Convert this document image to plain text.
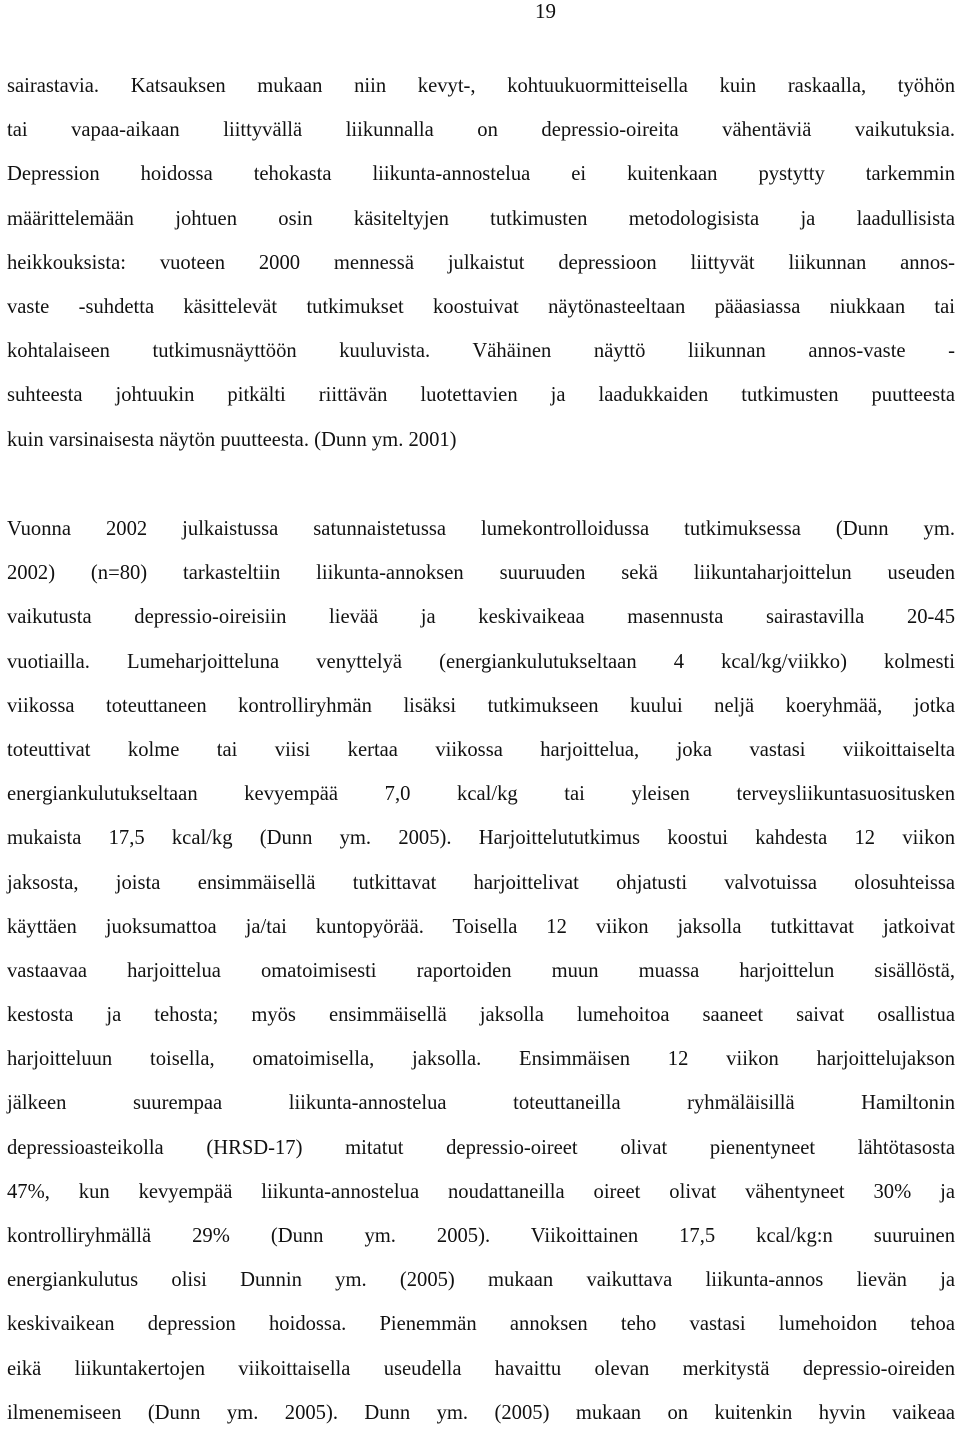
19
sairastavia. Katsauksen mukaan niin kevyt-, kohtuukuormitteisella kuin raskaalla, työhön
tai vapaa-aikaan liittyvällä liikunnalla on depressio-oireita vähentäviä vaikutuksia.
Depression hoidossa tehokasta liikunta-annostelua ei kuitenkaan pystytty tarkemmin
määrittelemään johtuen osin käsiteltyjen tutkimusten metodologisista ja laadullisista
heikkouksista: vuoteen 2000 mennessä julkaistut depressioon liittyvät liikunnan annos-
vaste -suhdetta käsittelevät tutkimukset koostuivat näytönasteeltaan pääasiassa niukkaan tai
kohtalaiseen tutkimusnäyttöön kuuluvista. Vähäinen näyttö liikunnan annos-vaste -
suhteesta johtuukin pitkälti riittävän luotettavien ja laadukkaiden tutkimusten puutteesta
kuin varsinaisesta näytön puutteesta. (Dunn ym. 2001)
Vuonna 2002 julkaistussa satunnaistetussa lumekontrolloidussa tutkimuksessa (Dunn ym.
2002) (n=80) tarkasteltiin liikunta-annoksen suuruuden sekä liikuntaharjoittelun useuden
vaikutusta depressio-oireisiin lievää ja keskivaikeaa masennusta sairastavilla 20-45
vuotiailla. Lumeharjoitteluna venyttelyä (energiankulutukseltaan 4 kcal/kg/viikko) kolmesti
viikossa toteuttaneen kontrolliryhmän lisäksi tutkimukseen kuului neljä koeryhmää, jotka
toteuttivat kolme tai viisi kertaa viikossa harjoittelua, joka vastasi viikoittaiselta
energiankulutukseltaan kevyempää 7,0 kcal/kg tai yleisen terveysliikuntasuositusken
mukaista 17,5 kcal/kg (Dunn ym. 2005). Harjoittelututkimus koostui kahdesta 12 viikon
jaksosta, joista ensimmäisellä tutkittavat harjoittelivat ohjatusti valvotuissa olosuhteissa
käyttäen juoksumattoa ja/tai kuntopyörää. Toisella 12 viikon jaksolla tutkittavat jatkoivat
vastaavaa harjoittelua omatoimisesti raportoiden muun muassa harjoittelun sisällöstä,
kestosta ja tehosta; myös ensimmäisellä jaksolla lumehoitoa saaneet saivat osallistua
harjoitteluun toisella, omatoimisella, jaksolla. Ensimmäisen 12 viikon harjoittelujakson
jälkeen suurempaa liikunta-annostelua toteuttaneilla ryhmäläisillä Hamiltonin
depressioasteikolla (HRSD-17) mitatut depressio-oireet olivat pienentyneet lähtötasosta
47%, kun kevyempää liikunta-annostelua noudattaneilla oireet olivat vähentyneet 30% ja
kontrolliryhmällä 29% (Dunn ym. 2005). Viikoittainen 17,5 kcal/kg:n suuruinen
energiankulutus olisi Dunnin ym. (2005) mukaan vaikuttava liikunta-annos lievän ja
keskivaikean depression hoidossa. Pienemmän annoksen teho vastasi lumehoidon tehoa
eikä liikuntakertojen viikoittaisella useudella havaittu olevan merkitystä depressio-oireiden
ilmenemiseen (Dunn ym. 2005). Dunn ym. (2005) mukaan on kuitenkin hyvin vaikeaa
